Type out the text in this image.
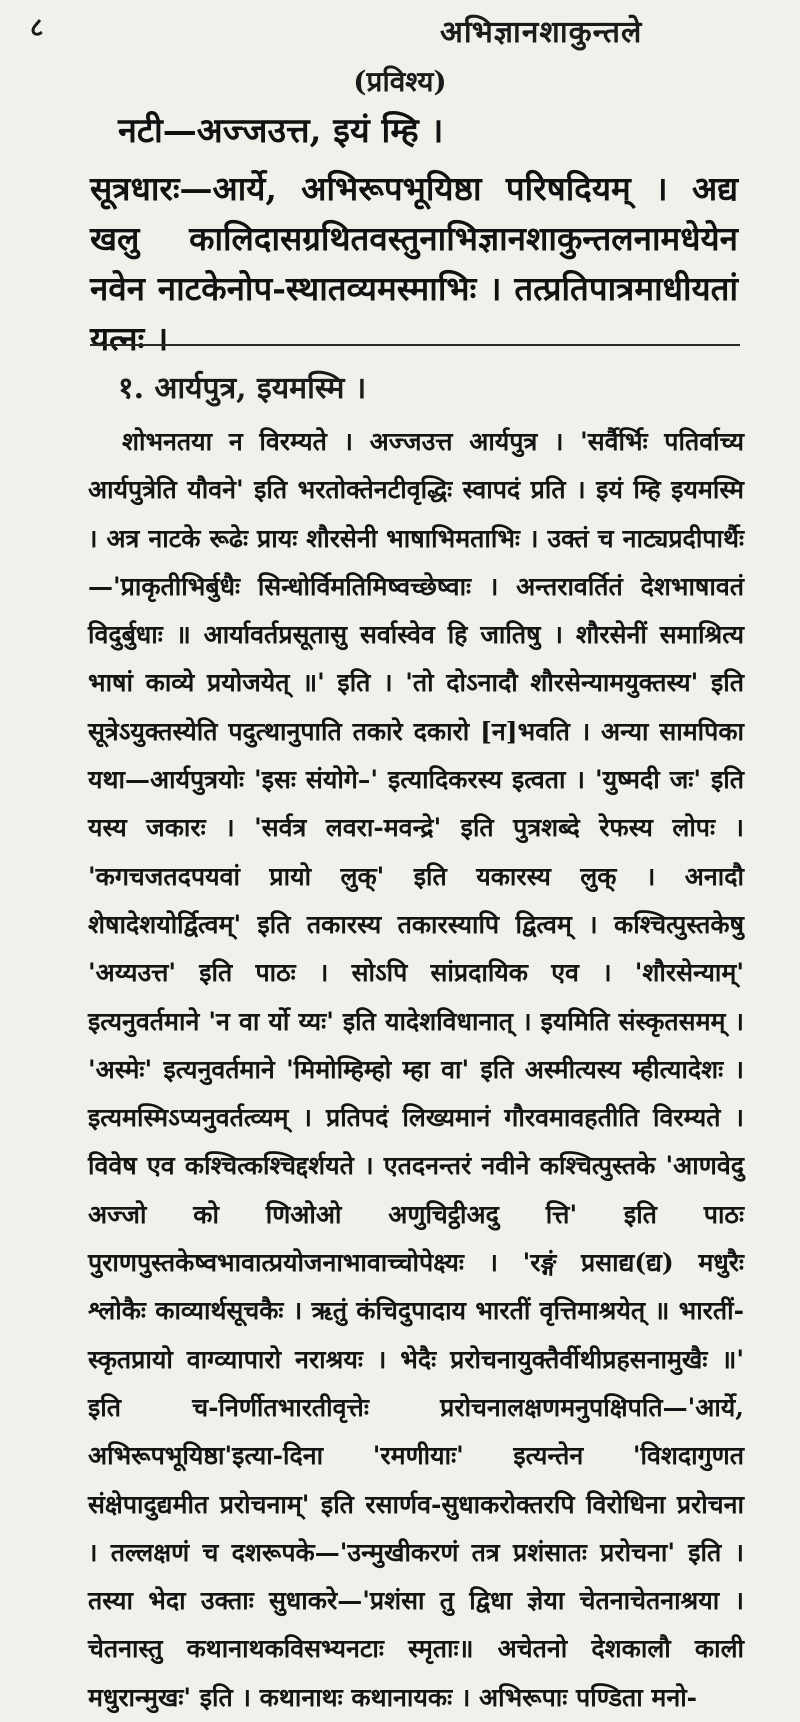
८	अभिज्ञानशाकुन्तले
(प्रविश्य)
नटी—अज्जउत्त, इयं म्हि ।
सूत्रधारः—आर्ये, अभिरूपभूयिष्ठा परिषदियम् । अद्य खलु कालिदासग्रथितवस्तुनाभिज्ञानशाकुन्तलनामधेयेन नवेन नाटकेनोप-स्थातव्यमस्माभिः । तत्प्रतिपात्रमाधीयतां यत्नः ।
१. आर्यपुत्र, इयमस्मि ।

शोभनतया न विरम्यते । अज्जउत्त आर्यपुत्र । 'सर्वैर्भिः पतिर्वाच्य आर्यपुत्रेति यौवने' इति भरतोक्तेनटीवृद्धिः स्वापदं प्रति । इयं म्हि इयमस्मि । अत्र नाटके रूढेः प्रायः शौरसेनी भाषाभिमताभिः । उक्तं च नाट्यप्रदीपार्थैः—'प्राकृतीभिर्बुधैः सिन्धोर्विमतिमिष्वच्छेष्वाः । अन्तरावर्तितं देशभाषावतं विदुर्बुधाः ॥ आर्यावर्तप्रसूतासु सर्वास्वेव हि जातिषु । शौरसेनीं समाश्रित्य भाषां काव्ये प्रयोजयेत् ॥' इति । 'तो दोऽनादौ शौरसेन्यामयुक्तस्य' इति सूत्रेऽयुक्तस्येति पदुत्थानुपाति तकारे दकारो [न]भवति । अन्या सामपिका यथा—आर्यपुत्रयोः 'इसः संयोगे–' इत्यादिकरस्य इत्वता । 'युष्मदी जः' इति यस्य जकारः । 'सर्वत्र लवरा-मवन्द्रे' इति पुत्रशब्दे रेफस्य लोपः । 'कगचजतदपयवां प्रायो लुक्' इति यकारस्य लुक् । अनादौ शेषादेशयोर्द्वित्वम्' इति तकारस्य तकारस्यापि द्वित्वम् । कश्चित्पुस्तकेषु 'अय्यउत्त' इति पाठः । सोऽपि सांप्रदायिक एव । 'शौरसेन्याम्' इत्यनुवर्तमाने 'न वा र्यो य्यः' इति यादेशविधानात् । इयमिति संस्कृतसमम् । 'अस्मेः' इत्यनुवर्तमाने 'मिमोम्हिम्हो म्हा वा' इति अस्मीत्यस्य म्हीत्यादेशः । इत्यमस्मिऽप्यनुवर्तत्व्यम् । प्रतिपदं लिख्यमानं गौरवमावहतीति विरम्यते । विवेष एव कश्चित्कश्चिद्दर्शयते । एतदनन्तरं नवीने कश्चित्पुस्तके 'आणवेदु अज्जो को णिओओ अणुचिट्ठीअदु त्ति' इति पाठः पुराणपुस्तकेष्वभावात्प्रयोजनाभावाच्चोपेक्ष्यः । 'रङ्गं प्रसाद्य(द्य) मधुरैः श्लोकैः काव्यार्थसूचकैः । ऋतुं कंचिदुपादाय भारतीं वृत्तिमाश्रयेत् ॥ भारतीं-स्कृतप्रायो वाग्व्यापारो नराश्रयः । भेदैः प्ररोचनायुक्तैर्वीथीप्रहसनामुखैः ॥' इति च-निर्णीतभारतीवृत्तेः प्ररोचनालक्षणमनुपक्षिपति—'आर्ये, अभिरूपभूयिष्ठा'इत्या-दिना 'रमणीयाः' इत्यन्तेन 'विशदागुणत संक्षेपादुद्यमीत प्ररोचनाम्' इति रसार्णव-सुधाकरोक्तरपि विरोधिना प्ररोचना । तल्लक्षणं च दशरूपके—'उन्मुखीकरणं तत्र प्रशंसातः प्ररोचना' इति । तस्या भेदा उक्ताः सुधाकरे—'प्रशंसा तु द्विधा ज्ञेया चेतनाचेतनाश्रया । चेतनास्तु कथानाथकविसभ्यनटाः स्मृताः॥ अचेतनो देशकालौ काली मधुरान्मुखः' इति । कथानाथः कथानायकः । अभिरूपाः पण्डिता मनो-
